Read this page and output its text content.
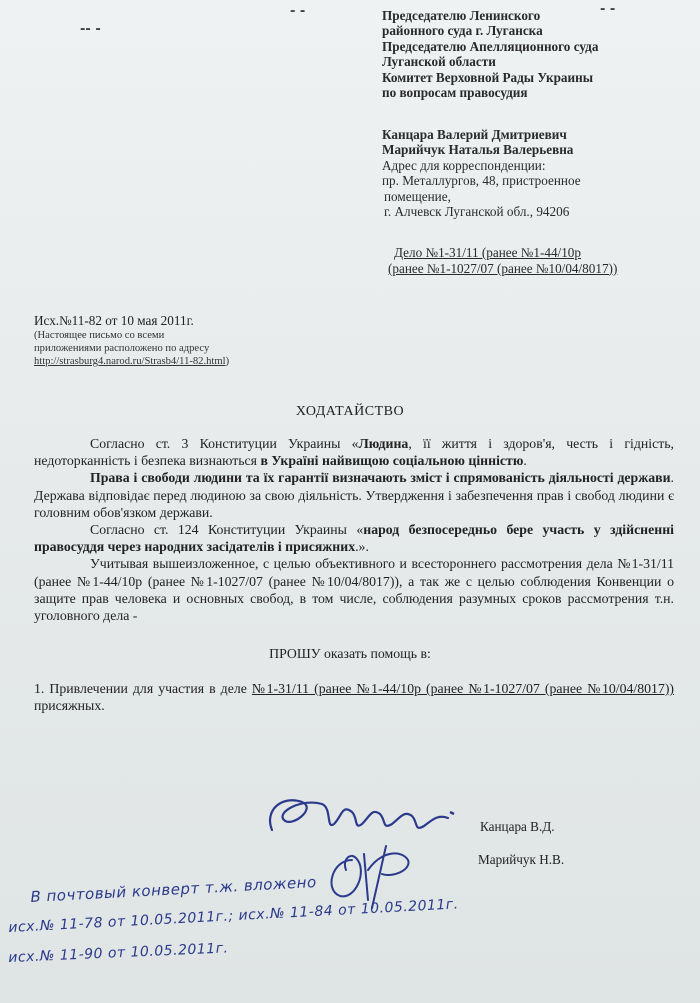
-- -
- -	- -
Председателю Ленинского
районного суда г. Луганска
Председателю Апелляционного суда
Луганской области
Комитет Верховной Рады Украины
по вопросам правосудия
Канцара Валерий Дмитриевич
Марийчук Наталья Валерьевна
Адрес для корреспонденции:
пр. Металлургов, 48, пристроенное
помещение,
г. Алчевск Луганской обл., 94206
Дело №1-31/11 (ранее №1-44/10р
(ранее №1-1027/07 (ранее №10/04/8017))
Исх.№11-82 от 10 мая 2011г.
(Настоящее письмо со всеми
приложениями расположено по адресу
http://strasburg4.narod.ru/Strasb4/11-82.html)
ХОДАТАЙСТВО

Согласно ст. 3 Конституции Украины «Людина, її життя і здоров'я, честь і гідність, недоторканність і безпека визнаються в Україні найвищою соціальною цінністю.

Права і свободи людини та їх гарантії визначають зміст і спрямованість діяльності держави. Держава відповідає перед людиною за свою діяльність. Утвердження і забезпечення прав і свобод людини є головним обов'язком держави.

Согласно ст. 124 Конституции Украины «народ безпосередньо бере участь у здійсненні правосуддя через народних засідателів і присяжних.».

Учитывая вышеизложенное, с целью объективного и всестороннего рассмотрения дела №1-31/11 (ранее №1-44/10р (ранее №1-1027/07 (ранее №10/04/8017)), а так же с целью соблюдения Конвенции о защите прав человека и основных свобод, в том числе, соблюдения разумных сроков рассмотрения т.н. уголовного дела -

ПРОШУ оказать помощь в:

1. Привлечении для участия в деле №1-31/11 (ранее №1-44/10р (ранее №1-1027/07 (ранее №10/04/8017)) присяжных.

Канцара В.Д.
Марийчук Н.В.
В почтовый конверт т.ж. вложено
исх.№ 11-78 от 10.05.2011г.; исх.№ 11-84 от 10.05.2011г.
исх.№ 11-90 от 10.05.2011г.
